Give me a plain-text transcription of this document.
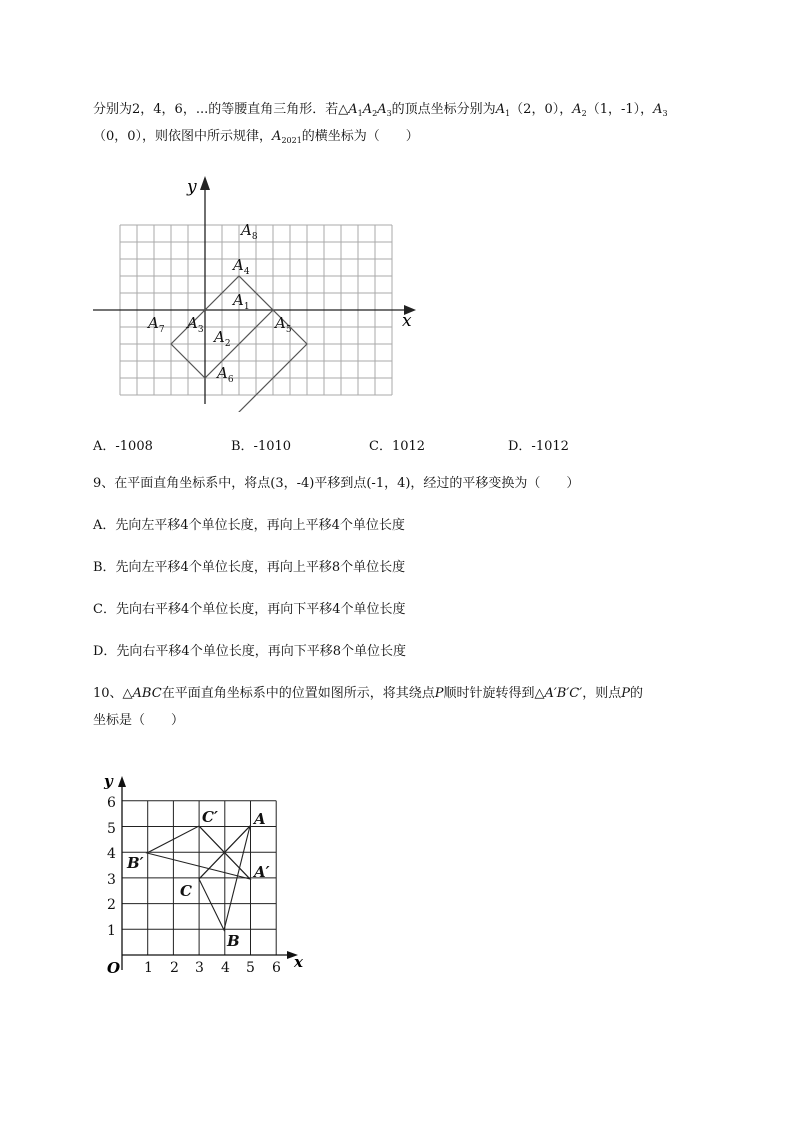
分别为2，4，6，...的等腰直角三角形．若$\triangle A_1A_2A_3$的顶点坐标分别为$A_1(2$，0），$A_2(1$，-1），$A_3$
（0，0），则依图中所示规律，$A_{2021}$的横坐标为（　　）
x
y
$A_1$
$A_2$
$A_3$
$A_4$
$A_5$
$A_6$
$A_7$
$A_8$
A．-1008	B．-1010	C．1012	D．-1012
9、在平面直角坐标系中，将点(3，-4)平移到点(-1，4)，经过的平移变换为（　　）
A．先向左平移4个单位长度，再向上平移4个单位长度
B．先向左平移4个单位长度，再向上平移8个单位长度
C．先向右平移4个单位长度，再向下平移4个单位长度
D．先向右平移4个单位长度，再向下平移8个单位长度
10、△ABC在平面直角坐标系中的位置如图所示，将其绕点P顺时针旋转得到△A′B′C′，则点P的
坐标是（　　）
x
y
O 1 2 3 4 5 6
1
2
3
4
5
6
A
B
C
A′
B′
C′
